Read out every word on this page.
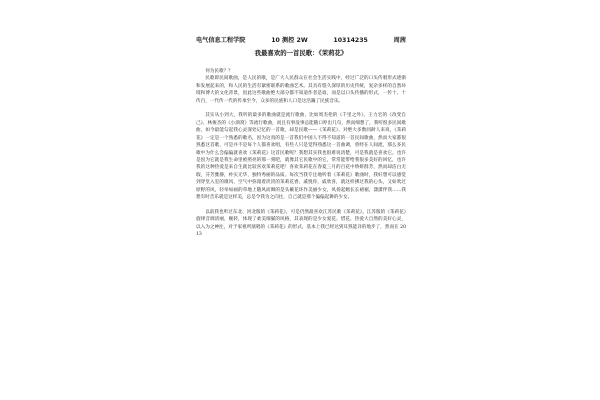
电气信息工程学院	10 测控 2W	10314235	周茜
我最喜欢的一首民歌：《茉莉花》

何为民歌？？

民歌即民间歌曲，是人民的歌，是广大人民群众在社会生活实践中，经过广泛的口头传唱形式逐渐和发展起来的，和人民的生活有紧密联系的歌曲艺术。其具有悠久深厚的历史传统，复杂多样的自然环境和博大的文化背景，因此这些歌曲绝大部分都不知道作者是谁，而是以口头传播的形式，一传十、十传百，一代传一代的传承至今，众多的民族和人口是这浩瀚了民族音乐。

其实从小到大，我听的最多的歌曲就是流行歌曲，比如周杰伦的《千里之外》、王力宏的《改变自己》、林俊杰的《小酒窝》等流行歌曲，而且有事没事总能随口哼出几句，然而细想了，我听很多民间歌曲，如今最能勾起我心灵深处记忆的一首歌，却是民歌——《茉莉花》，对绝大多数同龄人来说，《茉莉花》一定是一个熟悉的歌名，因为这真的是一首我们中国人不得不知道的一首民间歌曲，然而大家都很熟悉这首歌，可是并不是每个人都喜欢唱，有些人只是觉得熟悉这一首曲调，曾经在人间流，那么多民歌中为什么会偏偏就喜欢《茉莉花》这首民歌呢？我想其实我也很难说清楚，可是我就是喜欢它。也许是因为它就是我生命里被照亮的那一刻吧，就像其它民歌中的它，常常能带给我很多美好的回忆，也许我的这种热爱是来自生就比较喜欢茉莉花吧！喜欢茉莉花在春夏三月的百花中娇妍群芳，然而却洁白无瑕，芬芳雅静，朴实无华，独特秀丽的品质。每次当我专注地听着《茉莉花》歌曲时，我好想可以感觉到穿堂入室的微风，空气中弥漫着淡淡的茉莉花香，戚悦你，戚欣喜，就这样拂过我的心头，又如吹过原野的风，轻举如画的草地上随风而舞的是头戴花环作美丽少女，风扬起她长长裙裾，潇潇伴我……我想有时音乐就是这样美，总是令我为之向往，自己就是那个偏偏起舞的少女。

以前我也听过东北、河北版的《茉莉花》，可是仍然最喜欢江苏民歌《茉莉花》。江苏版的《茉莉花》旋律音调清丽，婉转，体现了柔美细腻的风格，其表现的是少女爱花、惜花、热爱大自然的美好心灵，以入为之神往，对于家祖所演唱的《茉莉花》的形式，基本上我已经达到耳熟能详的地步了，然而在 2013
